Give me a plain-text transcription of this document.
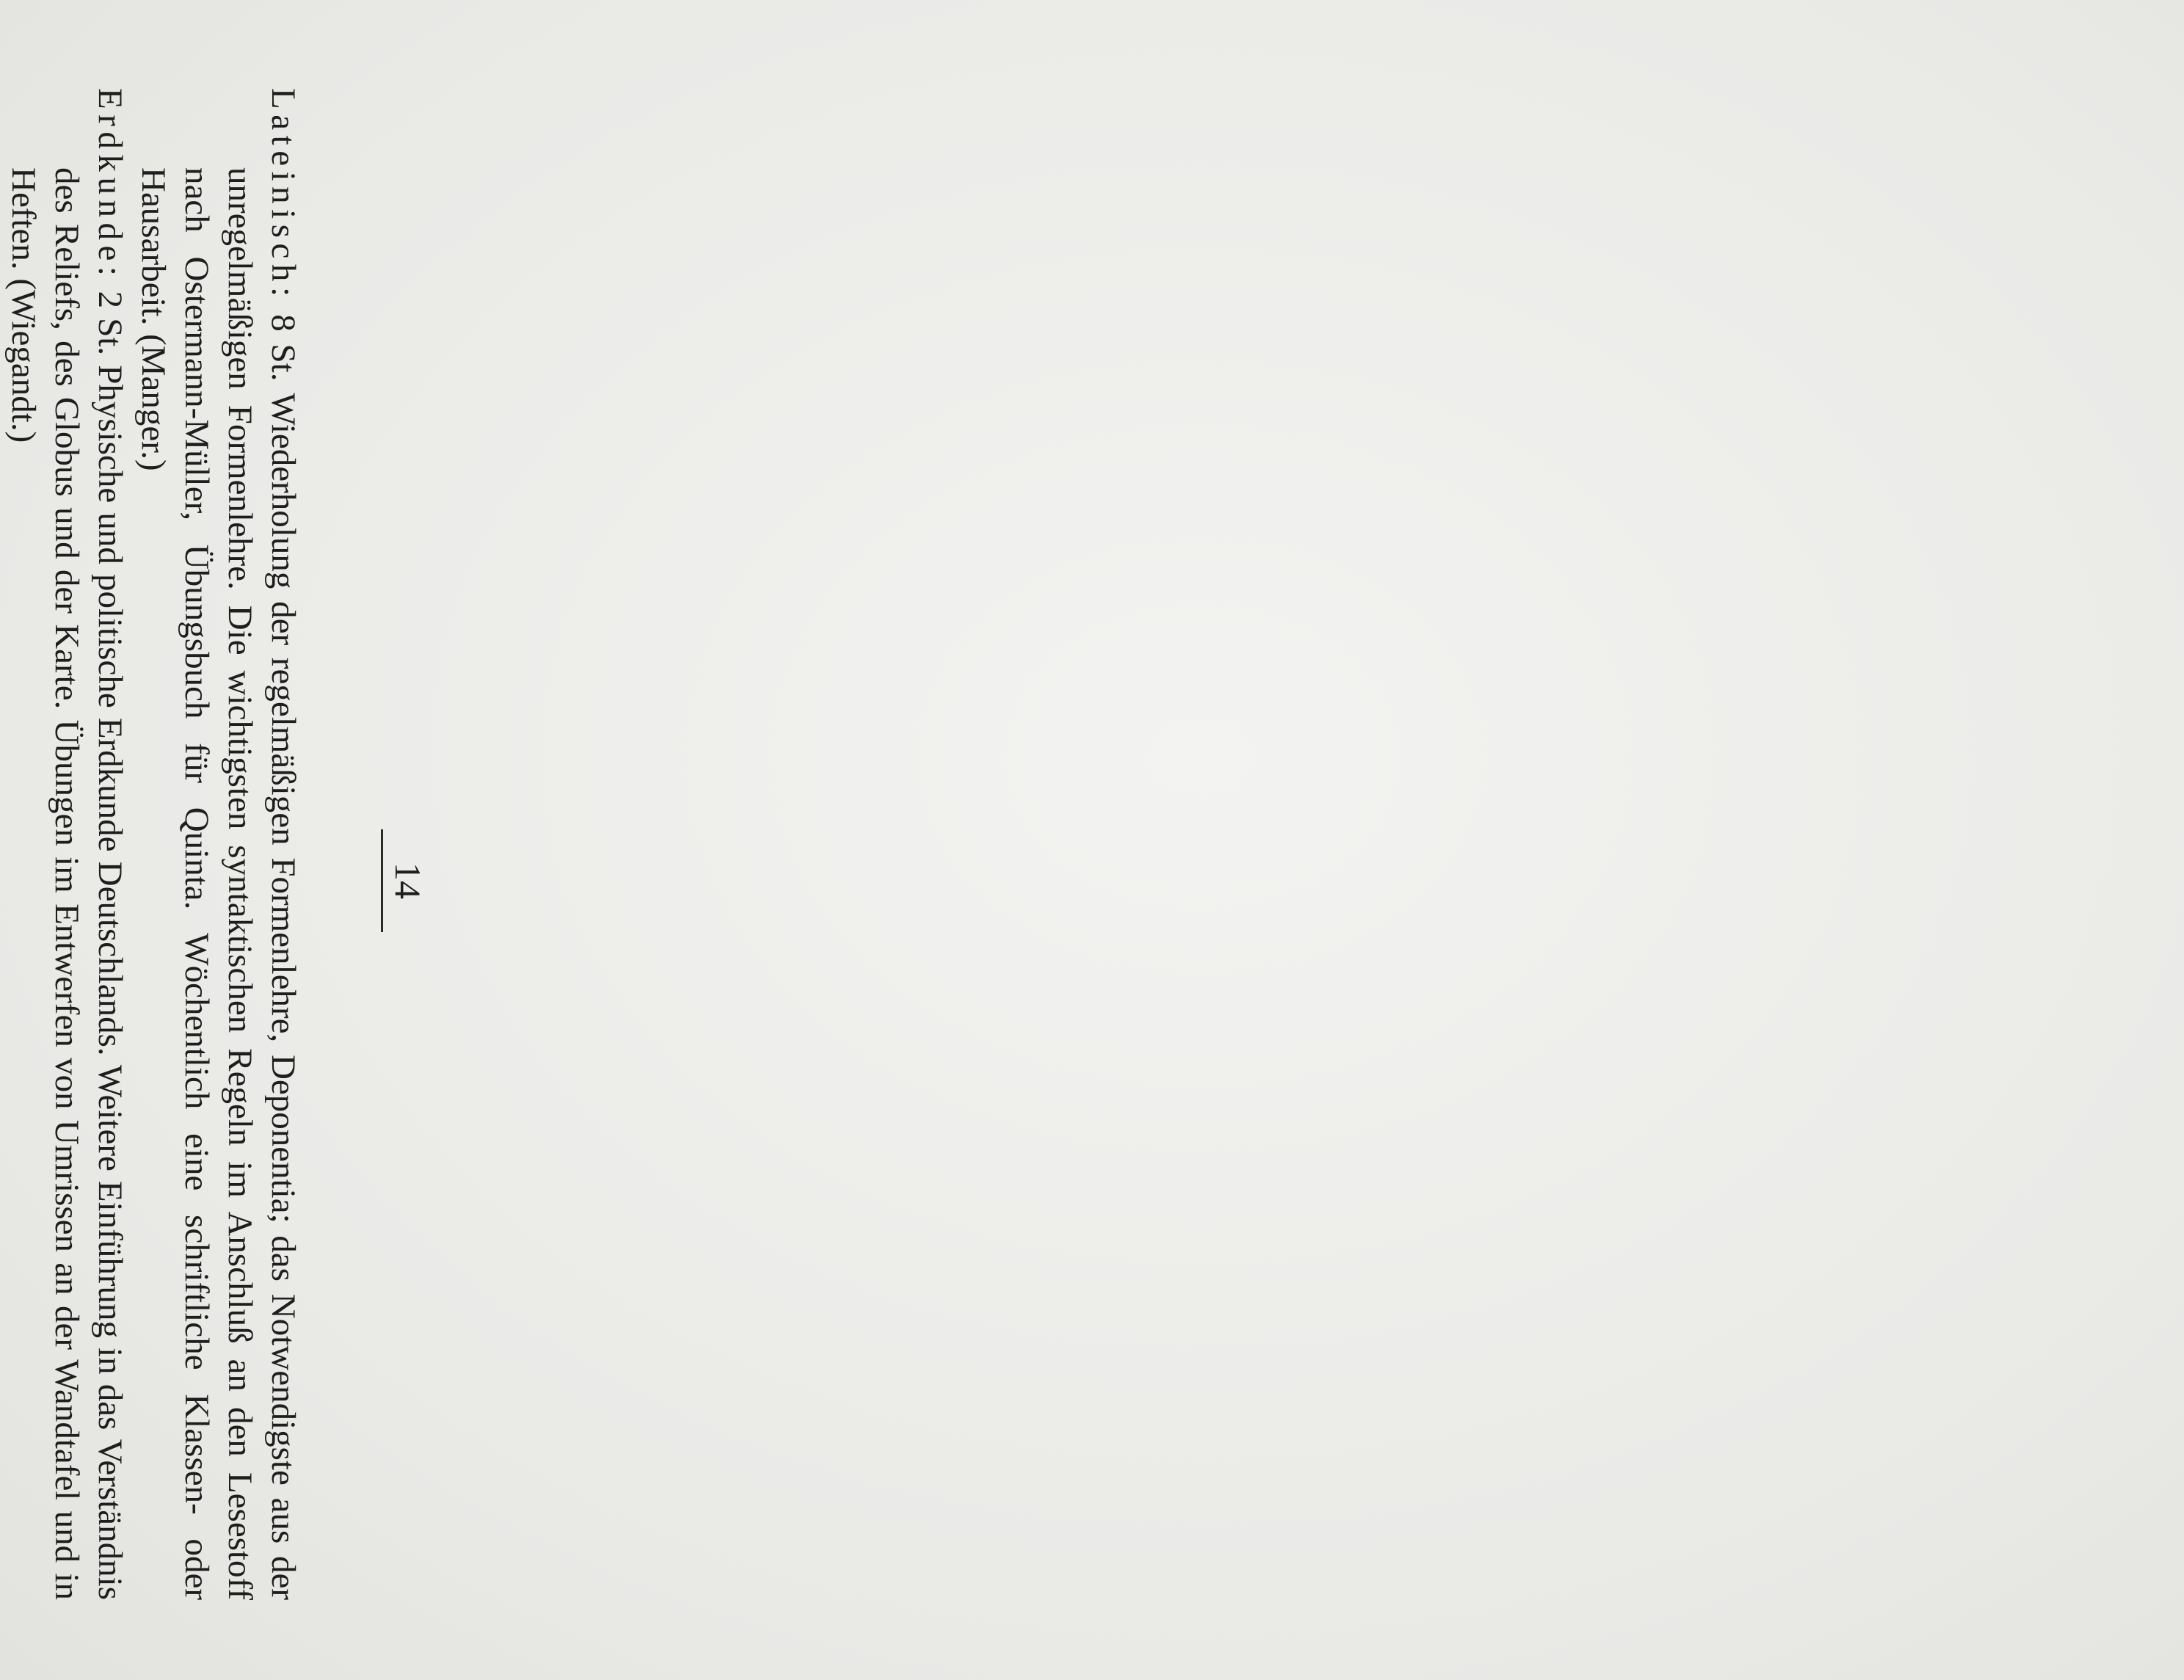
14

Lateinisch: 8 St. Wiederholung der regelmäßigen Formenlehre, Deponentia; das Notwendigste aus der unregelmäßigen Formenlehre. Die wichtigsten syntaktischen Regeln im Anschluß an den Lesestoff nach Ostermann-Müller, Übungsbuch für Quinta. Wöchentlich eine schriftliche Klassen- oder Hausarbeit. (Manger.)

Erdkunde: 2 St. Physische und politische Erdkunde Deutschlands. Weitere Einführung in das Verständnis des Reliefs, des Globus und der Karte. Übungen im Entwerfen von Umrissen an der Wandtafel und in Heften. (Wiegandt.)
